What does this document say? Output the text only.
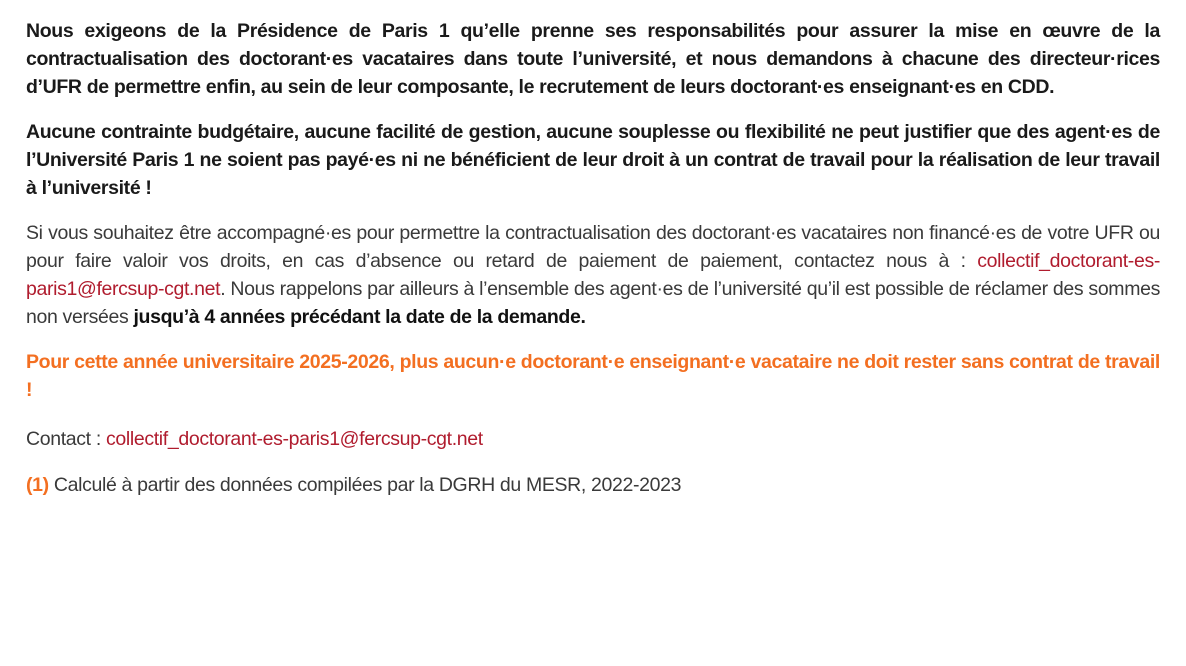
Nous exigeons de la Présidence de Paris 1 qu’elle prenne ses responsabilités pour assurer la mise en œuvre de la contractualisation des doctorant·es vacataires dans toute l’université, et nous demandons à chacune des directeur·rices d’UFR de permettre enfin, au sein de leur composante, le recrutement de leurs doctorant·es enseignant·es en CDD.

Aucune contrainte budgétaire, aucune facilité de gestion, aucune souplesse ou flexibilité ne peut justifier que des agent·es de l’Université Paris 1 ne soient pas payé·es ni ne bénéficient de leur droit à un contrat de travail pour la réalisation de leur travail à l’université !

Si vous souhaitez être accompagné·es pour permettre la contractualisation des doctorant·es vacataires non financé·es de votre UFR ou pour faire valoir vos droits, en cas d’absence ou retard de paiement de paiement, contactez nous à : collectif_doctorant-es-paris1@fercsup-cgt.net. Nous rappelons par ailleurs à l’ensemble des agent·es de l’université qu’il est possible de réclamer des sommes non versées jusqu’à 4 années précédant la date de la demande.

Pour cette année universitaire 2025-2026, plus aucun·e doctorant·e enseignant·e vacataire ne doit rester sans contrat de travail !

Contact : collectif_doctorant-es-paris1@fercsup-cgt.net

(1) Calculé à partir des données compilées par la DGRH du MESR, 2022-2023
